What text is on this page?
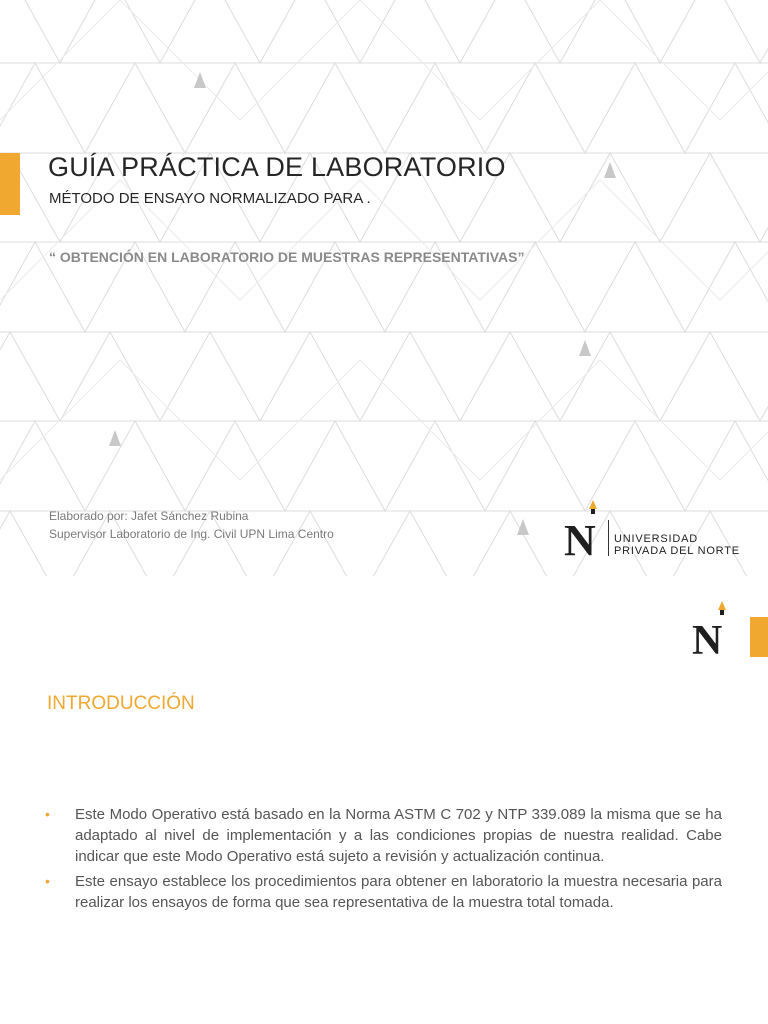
GUÍA PRÁCTICA DE LABORATORIO
MÉTODO DE ENSAYO NORMALIZADO PARA .
“ OBTENCIÓN EN LABORATORIO DE MUESTRAS REPRESENTATIVAS”
Elaborado por: Jafet Sánchez Rubina
Supervisor Laboratorio de Ing. Civil UPN Lima Centro	N UNIVERSIDAD
PRIVADA DEL NORTE
N
INTRODUCCIÓN
• Este Modo Operativo está basado en la Norma ASTM C 702 y NTP 339.089 la misma que se ha adaptado al nivel de implementación y a las condiciones propias de nuestra realidad. Cabe indicar que este Modo Operativo está sujeto a revisión y actualización continua.
• Este ensayo establece los procedimientos para obtener en laboratorio la muestra necesaria para realizar los ensayos de forma que sea representativa de la muestra total tomada.
